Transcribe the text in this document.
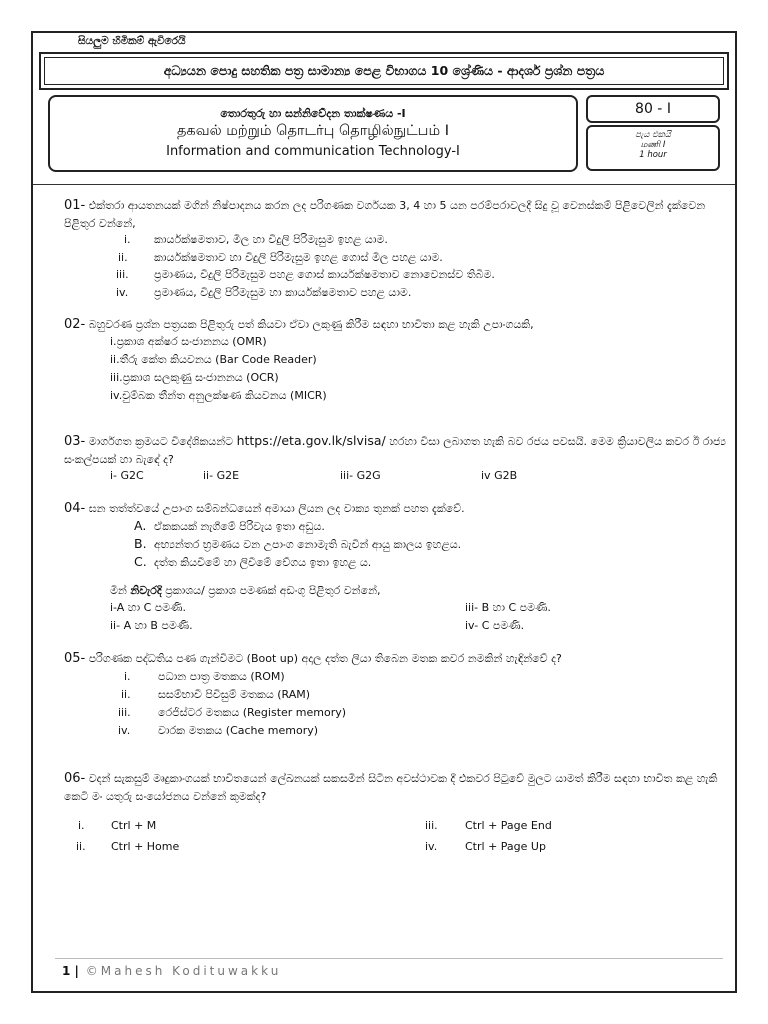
සියලුම හිමිකම් ඇවිරෙයි
අධ්‍යයන පොදු සහතික පත්‍ර සාමාන්‍ය පෙළ විභාගය 10 ශ්‍රේණිය - ආදර්ශ ප්‍රශ්න පත්‍රය
තොරතුරු හා සන්නිවේදන තාක්ෂණය -I
தகவல் மற்றும் தொடர்பு தொழில்நுட்பம் I
Information and communication Technology-I
80 - I
පැය එකයි
மணி I
1 hour
01- එක්තරා ආයතනයක් මගින් නිෂ්පාදනය කරන ලද පරිගණක වර්ගයක 3, 4 හා 5 යන පරම්පරාවලදී සිදු වූ වෙනස්කම් පිළිවෙලින් දැක්වෙන පිළිතුර වන්නේ,
i. කාර්යක්ෂමතාව, මිල හා විදුලි පිරිමැසුම ඉහළ යාම.
ii. කාර්යක්ෂමතාව හා විදුලි පිරිමැසුම ඉහළ ගොස් මිල පහළ යාම.
iii. ප්‍රමාණය, විදුලි පිරිමැසුම පහළ ගොස් කාර්යක්ෂමතාව නොවෙනස්ව තිබීම.
iv. ප්‍රමාණය, විදුලි පිරිමැසුම හා කාර්යක්ෂමතාව පහළ යාම.
02- බහුවරණ ප්‍රශ්න පත්‍රයක පිළිතුරු පත් කියවා ඒවා ලකුණු කිරීම සඳහා භාවිතා කළ හැකි උපාංගයකි,
i.ප්‍රකාශ අක්ෂර සංජානනය (OMR)
ii.තීරු කේත කියවනය (Bar Code Reader)
iii.ප්‍රකාශ සලකුණු සංජානනය (OCR)
iv.චුම්බක තීන්ත අනුලක්ෂණ කියවනය (MICR)
03- මාර්ගගත ක්‍රමයට විදේශිකයන්ට https://eta.gov.lk/slvisa/ හරහා වීසා ලබාගත හැකි බව රජය පවසයි. මෙම ක්‍රියාවලිය කවර ඊ රාජ්‍ය සංකල්පයක් හා බැඳේ ද?
i- G2C	ii- G2E	iii- G2G	iv G2B
04- ඝන තත්ත්වයේ උපාංග සම්බන්ධයෙන් අමායා ලියන ලද වාක්‍ය තුනක් පහත දැක්වේ.
A. ඒකකයක් නැගීමේ පිරිවැය ඉතා අඩුය.
B. අභ්‍යන්තර භ්‍රමණය වන උපාංග නොමැති බැවින් ආයු කාලය ඉහළය.
C. දත්ත කියවීමේ හා ලිවීමේ වේගය ඉතා ඉහළ ය.
මින් නිවැරදි ප්‍රකාශය/ ප්‍රකාශ පමණක් අඩංගු පිළිතුර වන්නේ,
i-A හා C පමණි.
ii- A හා B පමණි.
iii- B හා C පමණි.
iv- C පමණි.
05- පරිගණක පද්ධතිය පණ ගැන්වීමට (Boot up) අදාල දත්ත ලියා තිබෙන මතක කවර නමකින් හැඳින්වේ ද?
i. පධාන පාත්‍ර මතකය (ROM)
ii. සසම්භාවී පිවිසුම් මතකය (RAM)
iii. රෙජිස්ටර මතකය (Register memory)
iv.	වාරක මතකය (Cache memory)
06- වදන් සැකසුම් මෘදුකාංගයක් භාවිතයෙන් ලේඛනයක් සකසමින් සිටින අවස්ථාවක දී එකවර පිටුවේ මුලට යාමත් කිරීම සඳහා භාවිත කළ හැකි කෙටි මං යතුරු සංයෝජනය වන්නේ කුමක්ද?
i. Ctrl + M
ii. Ctrl + Home
iii. Ctrl + Page End
iv.	Ctrl + Page Up
1 | ©Mahesh Kodituwakku
